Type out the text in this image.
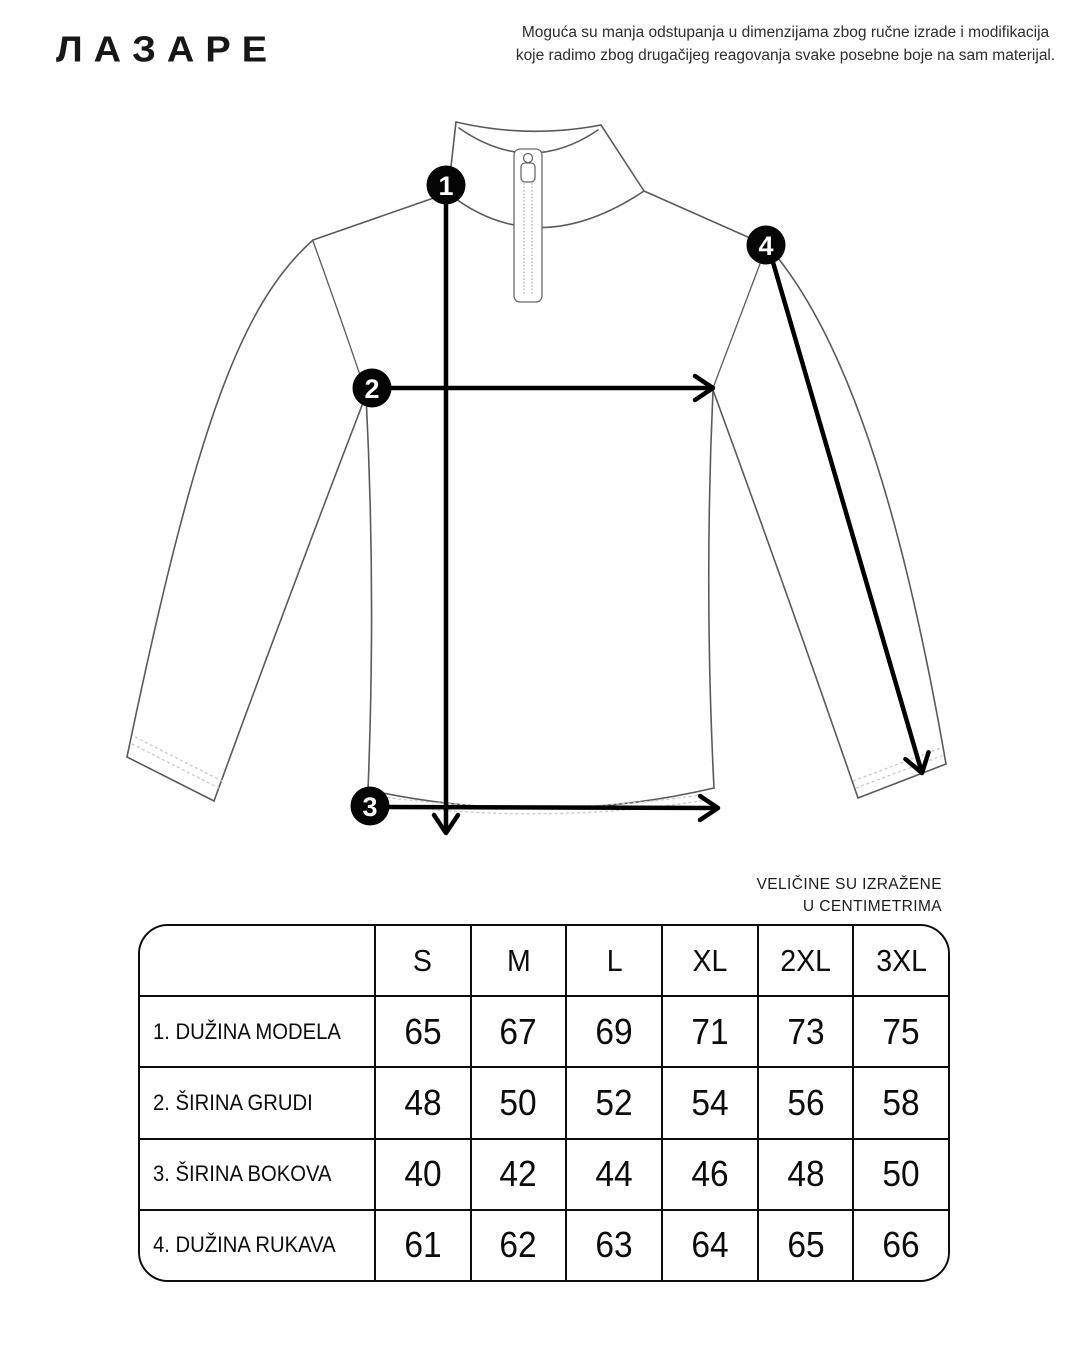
ЛАЗАРЕ	Moguća su manja odstupanja u dimenzijama zbog ručne izrade i modifikacija
koje radimo zbog drugačijeg reagovanja svake posebne boje na sam materijal.
1
2
3
4
VELIČINE SU IZRAŽENE
U CENTIMETRIMA
S M L XL 2XL 3XL
1. DUŽINA MODELA 65 67 69 71 73 75
2. ŠIRINA GRUDI	48 50 52 54 56 58
3. ŠIRINA BOKOVA 40 42 44 46 48 50
4. DUŽINA RUKAVA 61 62 63 64 65 66
